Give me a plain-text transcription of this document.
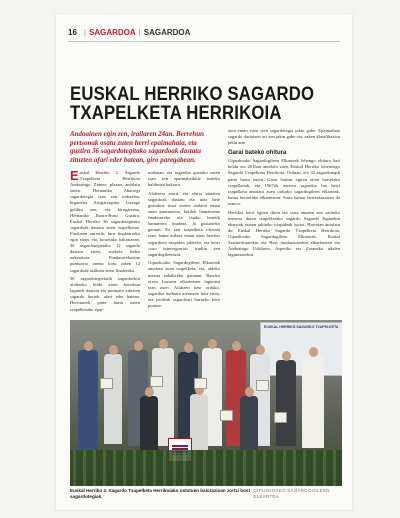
16 | SAGARDOA | SAGARDOA
EUSKAL HERRIKO SAGARDO
TXAPELKETA HERRIKOIA
Andoainen egin zen, irailaren 24an. Berrehun pertsonak osatu zuten herri epaimahaia, eta guztira 36 sagardotegitako sagardoak dastatu zituzten afari eder batean, giro paregabean.

Euskal Herriko 2. Sagardo Txapelketa Herrikoia Andoaingo Zumea plazan antolatu zuten. Hernaniko Akarregi sagardotegia izan zen irabazlea; bigarrena Astigarragako Lizeaga gelditu zen, eta hirugarrena, Hernaniko Ibarra-Buru. Guztira, Euskal Herriko 36 sagardotegitako sagardoak dastatu ziren txapelketan. Finalaren aurretik, hiru finalaurreko egin ziren, eta, horietako bakoitzean, 36 sagardotegietako 12 sagardo dastatu ziren, zozketa bidez aukeratuta. Finalaurrekoetan puntuazio onena lortu zuten 12 sagardoak sailkatu ziren finalerako.

36 sagardotegietatik sagardoekin afaltzeko bildu ziren berrehun lagunek dastatu eta puntuatu zituzten sagardo horiek, afari eder batean. Herritarrek parte hartu zuten txapelketako epai-

mahaian, eta sagardoa gustuko zuten izan zen epaimahaikide izateko baldintza bakarra.

Afaltzera etorri, eta afaria zituzten sagardoak dastatu eta noiz bete gustukoa iritzi zioten arabera eman zuen puntuazioa, botilek hamaiseme finalaurreko eta tatako botetik hamarrera finaleaz, la gustarteko garuan. Ez zen txapelketa ofiziala izan, baina aukera eman zuen herritar sagardoen irizpiden jakiteko, eta horri «oso interesgarria» iruditu zen sagardogileentzat.

Gipuzkoako Sagardogileen Elkarteak antolatu zuen txapelketa, eta, aldeko mezua zabaltzeko ganaian, Basoko etxea Luriaen elkartearen laguntza izan zuen. Afaltzen hasi orduko, sagardoa mahaira ateratzen hasi ziren, eta jendeak sagardoari buruzko bere puntua-

zioa eman zuen izen sagardotegia jakin gabe. Epaimahaia sagardo dastatzen ari zen jakin gabe eta, azken klasifikazioa jakin arte.

Garai bateko ohitura

Gipuzkoako Sagardogileen Elkarteak lehengo ohitura bati heldu eta 2016an antolatu zuen Euskal Herriko lehenengo Sagardo Txapelketa Herrikoia. Orduan, ere 32 sagardotegik parte hartu zuten. Garai batean egiten ziren horrelako txapelketak, eta 1967tik aurrera sagardoa bat herri txapelketa antolatu zuen ordurko sagardogileen elkarteak, baina herrietako elkartearen. Saria hamar berreskuratzea da asmoa.

Herrikoi herri egiten diren eta saria ematen zen sarituko interesa duten txapelketako sagardo Sagardo Egunekin ekarriak esaten jakiteko irizpideak zortzi. Horretan antolatu du Euskal Herriko Sagardo Txapelketa Herrikoia, Gipuzkoako Sagardogileen Elkarteak, Euskal Sasitarrituarekin eta Hasi fundazioarekin elkarlanean eta Andoaingo Udalaren, Arpetiko eta Zarauzko udalen laguntzarekin.

EUSKAL HERRIKO SAGARDO TXAPELKETA
Euskal Herriko 2. Sagardo Txapelketa Herrikoiako ostatuen balorazioan zortzi bost sagardotegiak.
GIPUZKOAKO SAGARDOGILEEN ELKARTEA
